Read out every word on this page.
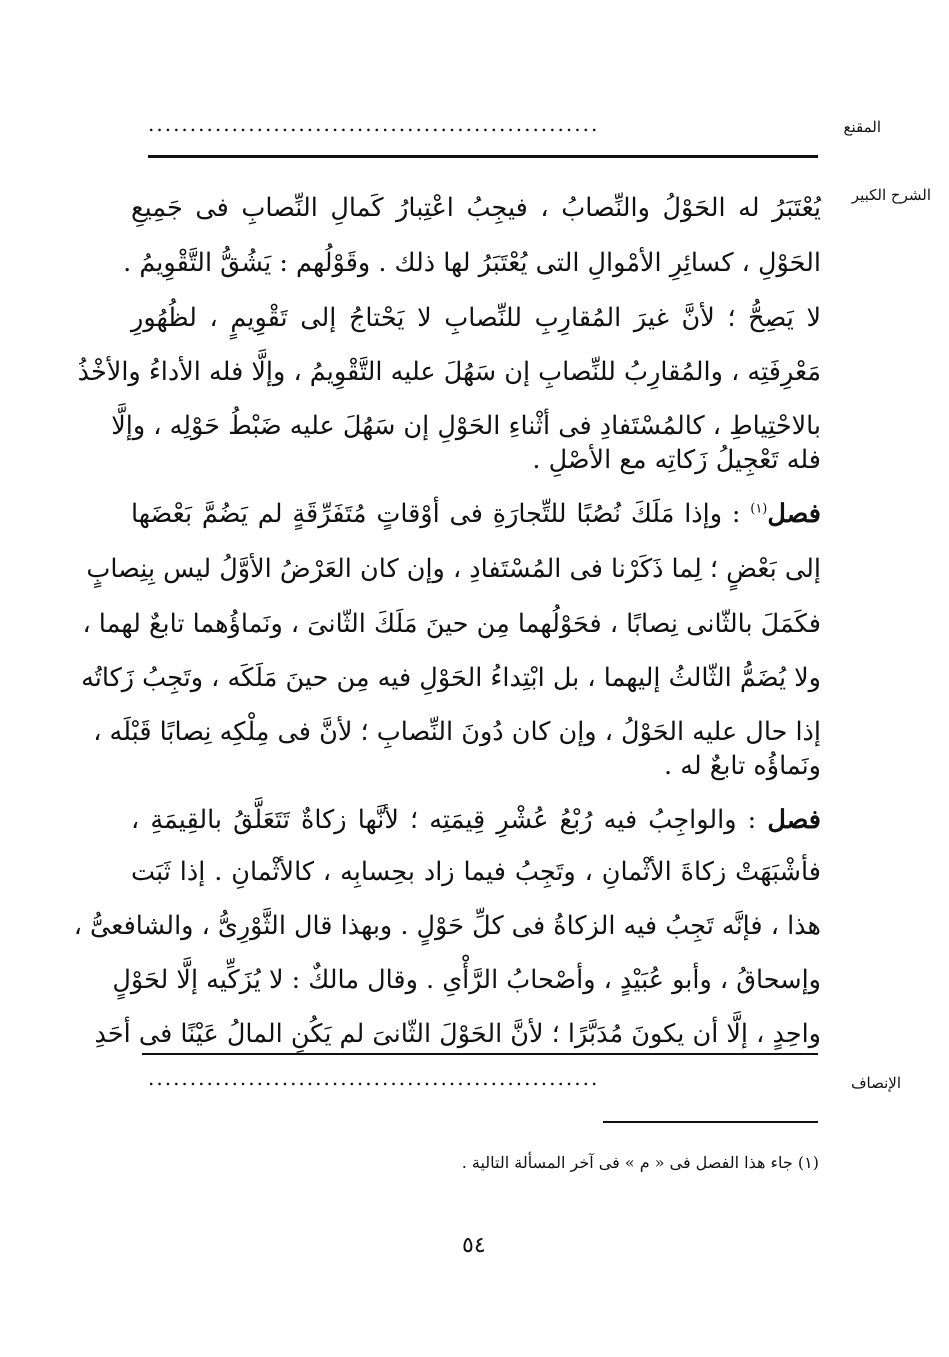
المقنع
......................................................
الشرح الكبير
يُعْتَبَرُ له الحَوْلُ والنِّصابُ ، فيجِبُ اعْتِبارُ كَمالِ النِّصابِ فى جَمِيعِ
الحَوْلِ ، كسائِرِ الأمْوالِ التى يُعْتَبَرُ لها ذلك . وقَوْلُهم : يَشُقُّ التَّقْوِيمُ .
لا يَصِحُّ ؛ لأنَّ غيرَ المُقارِبِ للنِّصابِ لا يَحْتاجُ إلى تَقْوِيمٍ ، لظُهُورِ
مَعْرِفَتِه ، والمُقارِبُ للنِّصابِ إن سَهُلَ عليه التَّقْوِيمُ ، وإلَّا فله الأداءُ والأخْذُ
بالاحْتِياطِ ، كالمُسْتَفادِ فى أثْناءِ الحَوْلِ إن سَهُلَ عليه ضَبْطُ حَوْلِه ، وإلَّا
فله تَعْجِيلُ زَكاتِه مع الأصْلِ .
فصل$^{(١)}$ : وإذا مَلَكَ نُصُبًا للتِّجارَةِ فى أوْقاتٍ مُتَفَرِّقَةٍ لم يَضُمَّ بَعْضَها
إلى بَعْضٍ ؛ لِما ذَكَرْنا فى المُسْتَفادِ ، وإن كان العَرْضُ الأوَّلُ ليس بِنِصابٍ
فكَمَلَ بالثّانى نِصابًا ، فحَوْلُهما مِن حينَ مَلَكَ الثّانىَ ، ونَماؤُهما تابعٌ لهما ،
ولا يُضَمُّ الثّالثُ إليهما ، بل ابْتِداءُ الحَوْلِ فيه مِن حينَ مَلَكَه ، وتَجِبُ زَكاتُه
إذا حال عليه الحَوْلُ ، وإن كان دُونَ النِّصابِ ؛ لأنَّ فى مِلْكِه نِصابًا قَبْلَه ،
ونَماؤُه تابعٌ له .
فصل : والواجِبُ فيه رُبْعُ عُشْرِ قِيمَتِه ؛ لأنَّها زكاةٌ تَتَعَلَّقُ بالقِيمَةِ ،
فأشْبَهَتْ زكاةَ الأثْمانِ ، وتَجِبُ فيما زاد بحِسابِه ، كالأثْمانِ . إذا ثَبَت
هذا ، فإنَّه تَجِبُ فيه الزكاةُ فى كلِّ حَوْلٍ . وبهذا قال الثَّوْرِىُّ ، والشافعىُّ ،
وإسحاقُ ، وأبو عُبَيْدٍ ، وأصْحابُ الرَّأْىِ . وقال مالكٌ : لا يُزَكِّيه إلَّا لحَوْلٍ
واحِدٍ ، إلَّا أن يكونَ مُدَبَّرًا ؛ لأنَّ الحَوْلَ الثّانىَ لم يَكُنِ المالُ عَيْنًا فى أحَدِ
الإنصاف
......................................................
(١) جاء هذا الفصل فى « م » فى آخر المسألة التالية .
٥٤
